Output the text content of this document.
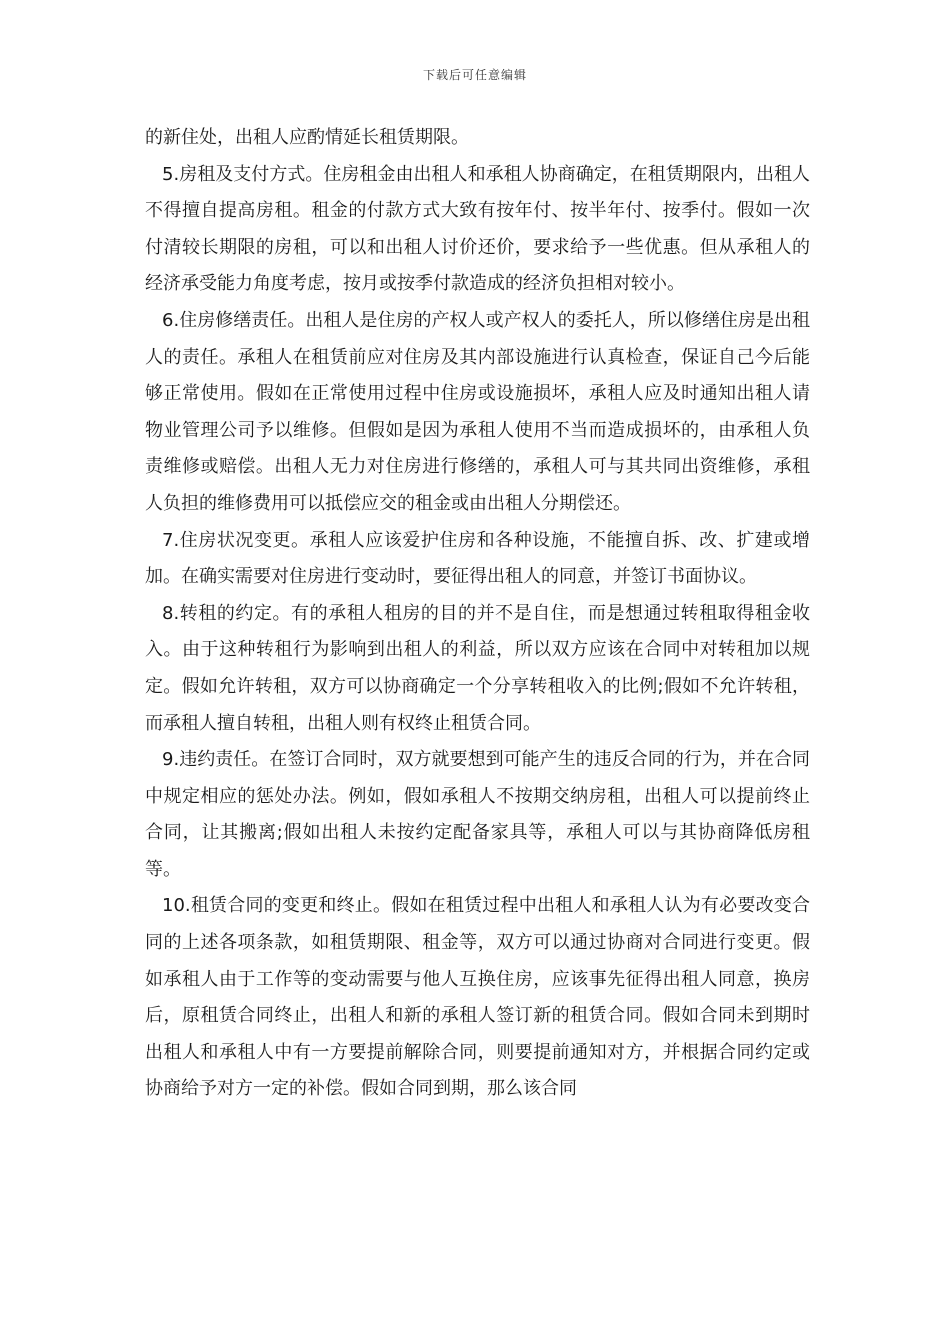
下载后可任意编辑

的新住处，出租人应酌情延长租赁期限。

5.房租及支付方式。住房租金由出租人和承租人协商确定，在租赁期限内，出租人不得擅自提高房租。租金的付款方式大致有按年付、按半年付、按季付。假如一次付清较长期限的房租，可以和出租人讨价还价，要求给予一些优惠。但从承租人的经济承受能力角度考虑，按月或按季付款造成的经济负担相对较小。

6.住房修缮责任。出租人是住房的产权人或产权人的委托人，所以修缮住房是出租人的责任。承租人在租赁前应对住房及其内部设施进行认真检查，保证自己今后能够正常使用。假如在正常使用过程中住房或设施损坏，承租人应及时通知出租人请物业管理公司予以维修。但假如是因为承租人使用不当而造成损坏的，由承租人负责维修或赔偿。出租人无力对住房进行修缮的，承租人可与其共同出资维修，承租人负担的维修费用可以抵偿应交的租金或由出租人分期偿还。

7.住房状况变更。承租人应该爱护住房和各种设施，不能擅自拆、改、扩建或增加。在确实需要对住房进行变动时，要征得出租人的同意，并签订书面协议。

8.转租的约定。有的承租人租房的目的并不是自住，而是想通过转租取得租金收入。由于这种转租行为影响到出租人的利益，所以双方应该在合同中对转租加以规定。假如允许转租，双方可以协商确定一个分享转租收入的比例;假如不允许转租，而承租人擅自转租，出租人则有权终止租赁合同。

9.违约责任。在签订合同时，双方就要想到可能产生的违反合同的行为，并在合同中规定相应的惩处办法。例如，假如承租人不按期交纳房租，出租人可以提前终止合同，让其搬离;假如出租人未按约定配备家具等，承租人可以与其协商降低房租等。

10.租赁合同的变更和终止。假如在租赁过程中出租人和承租人认为有必要改变合同的上述各项条款，如租赁期限、租金等，双方可以通过协商对合同进行变更。假如承租人由于工作等的变动需要与他人互换住房，应该事先征得出租人同意，换房后，原租赁合同终止，出租人和新的承租人签订新的租赁合同。假如合同未到期时出租人和承租人中有一方要提前解除合同，则要提前通知对方，并根据合同约定或协商给予对方一定的补偿。假如合同到期，那么该合同
